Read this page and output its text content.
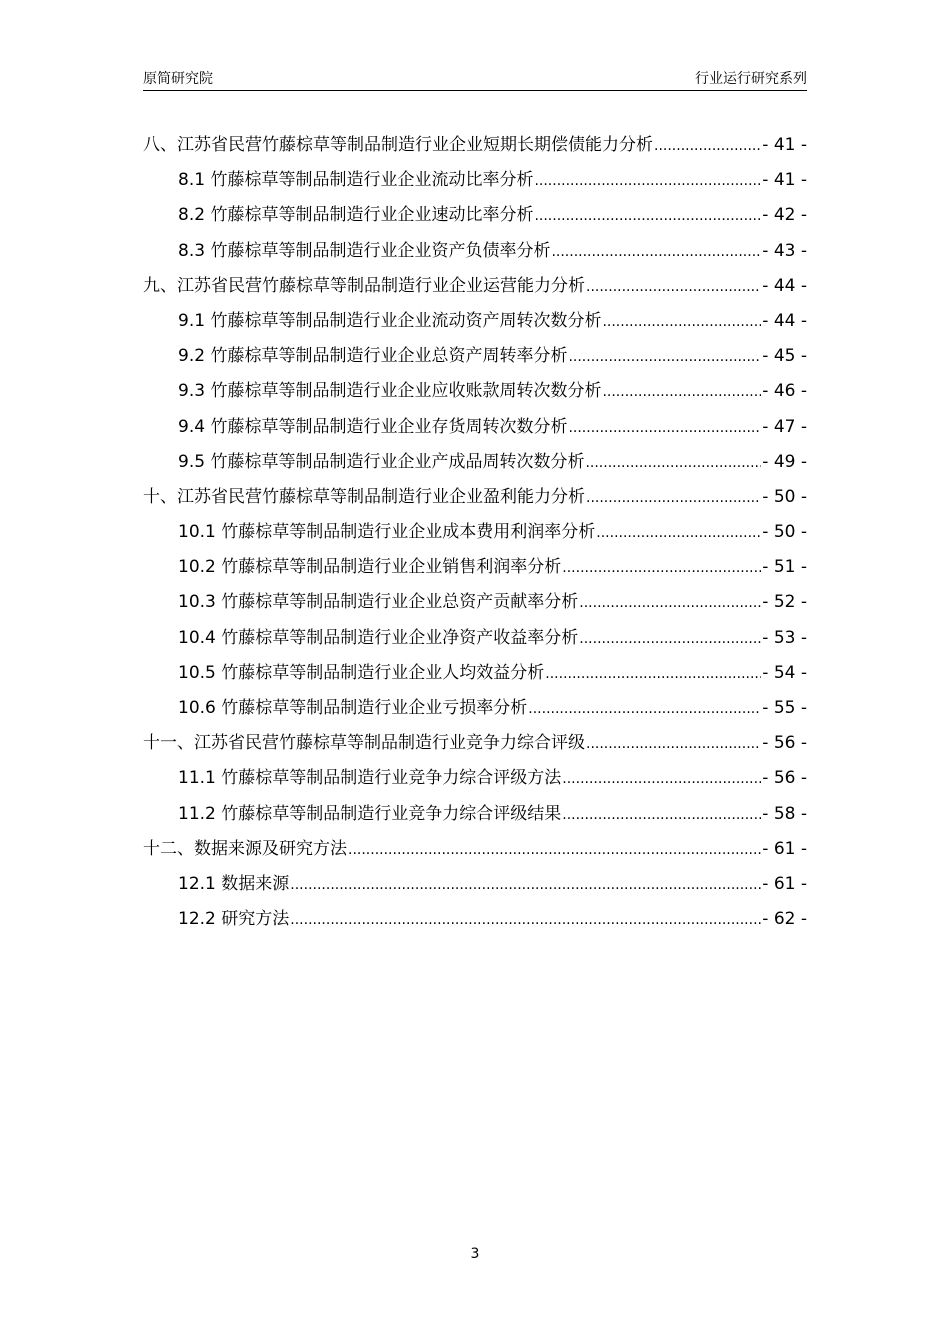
原简研究院	行业运行研究系列
八、江苏省民营竹藤棕草等制品制造行业企业短期长期偿债能力分析 .....	- 41 -
8.1 竹藤棕草等制品制造行业企业流动比率分析 .....	- 41 -
8.2 竹藤棕草等制品制造行业企业速动比率分析 .....	- 42 -
8.3 竹藤棕草等制品制造行业企业资产负债率分析 .....	- 43 -
九、江苏省民营竹藤棕草等制品制造行业企业运营能力分析 .....	- 44 -
9.1 竹藤棕草等制品制造行业企业流动资产周转次数分析 .....	- 44 -
9.2 竹藤棕草等制品制造行业企业总资产周转率分析 .....	- 45 -
9.3 竹藤棕草等制品制造行业企业应收账款周转次数分析 .....	- 46 -
9.4 竹藤棕草等制品制造行业企业存货周转次数分析 .....	- 47 -
9.5 竹藤棕草等制品制造行业企业产成品周转次数分析 .....	- 49 -
十、江苏省民营竹藤棕草等制品制造行业企业盈利能力分析 .....	- 50 -
10.1 竹藤棕草等制品制造行业企业成本费用利润率分析 .....	- 50 -
10.2 竹藤棕草等制品制造行业企业销售利润率分析 .....	- 51 -
10.3 竹藤棕草等制品制造行业企业总资产贡献率分析 .....	- 52 -
10.4 竹藤棕草等制品制造行业企业净资产收益率分析 .....	- 53 -
10.5 竹藤棕草等制品制造行业企业人均效益分析 .....	- 54 -
10.6 竹藤棕草等制品制造行业企业亏损率分析 .....	- 55 -
十一、江苏省民营竹藤棕草等制品制造行业竞争力综合评级 .....	- 56 -
11.1 竹藤棕草等制品制造行业竞争力综合评级方法 .....	- 56 -
11.2 竹藤棕草等制品制造行业竞争力综合评级结果 .....	- 58 -
十二、数据来源及研究方法 .....	- 61 -
12.1 数据来源 .....	- 61 -
12.2 研究方法 .....	- 62 -
3
